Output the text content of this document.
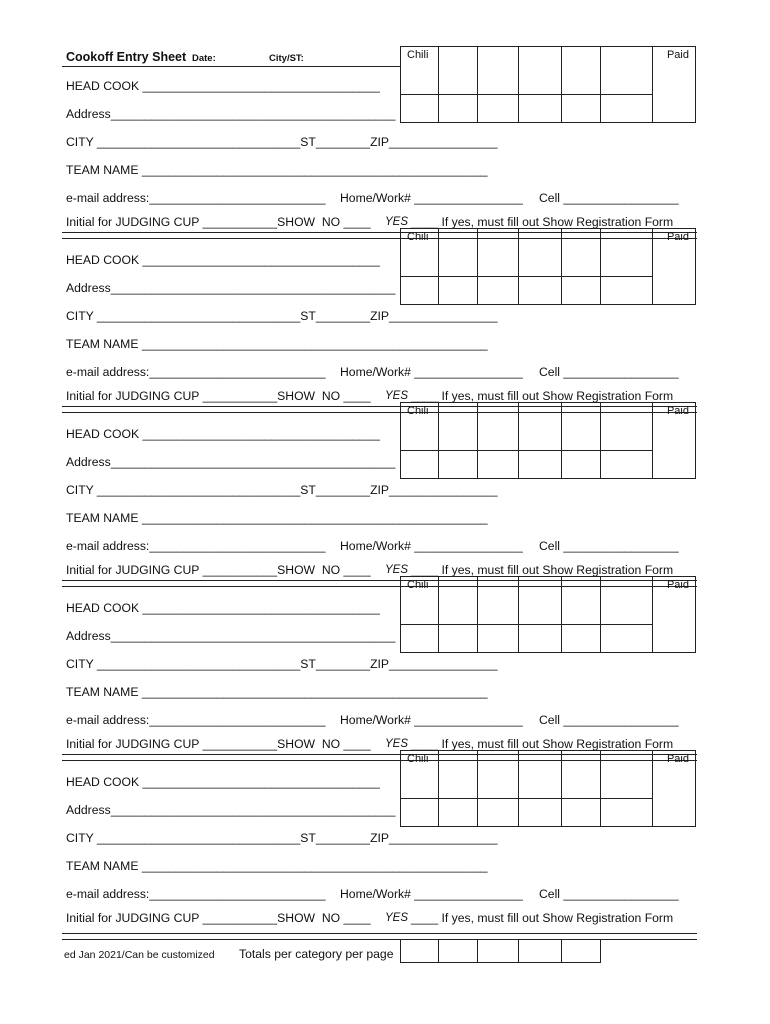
Cookoff Entry Sheet Date:	City/ST:
HEAD COOK ___________________________________
Address__________________________________________
CITY ______________________________ST________ZIP________________
TEAM NAME ___________________________________________________
e-mail address:__________________________ Home/Work# ________________ Cell _________________
Initial for JUDGING CUP ___________SHOW  NO ____ YES ____ If yes, must fill out Show Registration Form
Chili						Paid

HEAD COOK ___________________________________
Address__________________________________________
CITY ______________________________ST________ZIP________________
TEAM NAME ___________________________________________________
e-mail address:__________________________ Home/Work# ________________ Cell _________________
Initial for JUDGING CUP ___________SHOW  NO ____ YES ____ If yes, must fill out Show Registration Form
Chili						Paid

HEAD COOK ___________________________________
Address__________________________________________
CITY ______________________________ST________ZIP________________
TEAM NAME ___________________________________________________
e-mail address:__________________________ Home/Work# ________________ Cell _________________
Initial for JUDGING CUP ___________SHOW  NO ____ YES ____ If yes, must fill out Show Registration Form
Chili						Paid

HEAD COOK ___________________________________
Address__________________________________________
CITY ______________________________ST________ZIP________________
TEAM NAME ___________________________________________________
e-mail address:__________________________ Home/Work# ________________ Cell _________________
Initial for JUDGING CUP ___________SHOW  NO ____ YES ____ If yes, must fill out Show Registration Form
Chili						Paid

HEAD COOK ___________________________________
Address__________________________________________
CITY ______________________________ST________ZIP________________
TEAM NAME ___________________________________________________
e-mail address:__________________________ Home/Work# ________________ Cell _________________
Initial for JUDGING CUP ___________SHOW  NO ____ YES ____ If yes, must fill out Show Registration Form
Chili						Paid

ed Jan 2021/Can be customized Totals per category per page
